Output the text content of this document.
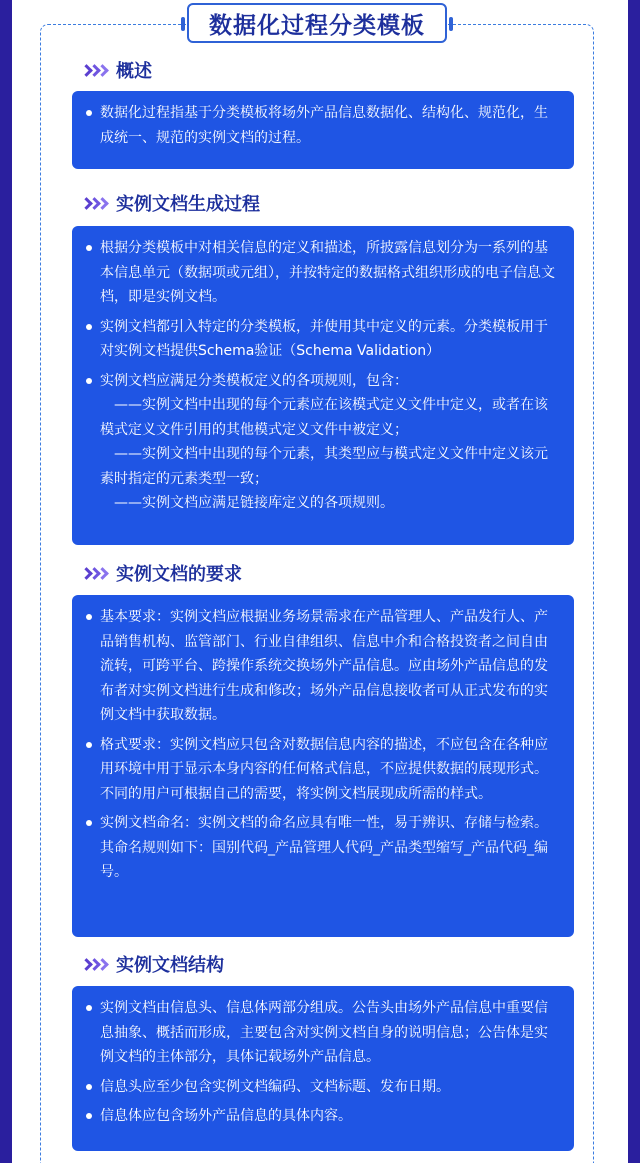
数据化过程分类模板
概述
数据化过程指基于分类模板将场外产品信息数据化、结构化、规范化，生成统一、规范的实例文档的过程。
实例文档生成过程
根据分类模板中对相关信息的定义和描述，所披露信息划分为一系列的基本信息单元（数据项或元组），并按特定的数据格式组织形成的电子信息文档，即是实例文档。
实例文档都引入特定的分类模板，并使用其中定义的元素。分类模板用于对实例文档提供Schema验证（Schema Validation）
实例文档应满足分类模板定义的各项规则，包含：
——实例文档中出现的每个元素应在该模式定义文件中定义，或者在该模式定义文件引用的其他模式定义文件中被定义；
——实例文档中出现的每个元素，其类型应与模式定义文件中定义该元素时指定的元素类型一致；
——实例文档应满足链接库定义的各项规则。
实例文档的要求
基本要求：实例文档应根据业务场景需求在产品管理人、产品发行人、产品销售机构、监管部门、行业自律组织、信息中介和合格投资者之间自由流转，可跨平台、跨操作系统交换场外产品信息。应由场外产品信息的发布者对实例文档进行生成和修改；场外产品信息接收者可从正式发布的实例文档中获取数据。
格式要求：实例文档应只包含对数据信息内容的描述，不应包含在各种应用环境中用于显示本身内容的任何格式信息，不应提供数据的展现形式。不同的用户可根据自己的需要，将实例文档展现成所需的样式。
实例文档命名：实例文档的命名应具有唯一性，易于辨识、存储与检索。其命名规则如下：国别代码_产品管理人代码_产品类型缩写_产品代码_编号。
实例文档结构
实例文档由信息头、信息体两部分组成。公告头由场外产品信息中重要信息抽象、概括而形成，主要包含对实例文档自身的说明信息；公告体是实例文档的主体部分，具体记载场外产品信息。
信息头应至少包含实例文档编码、文档标题、发布日期。
信息体应包含场外产品信息的具体内容。
